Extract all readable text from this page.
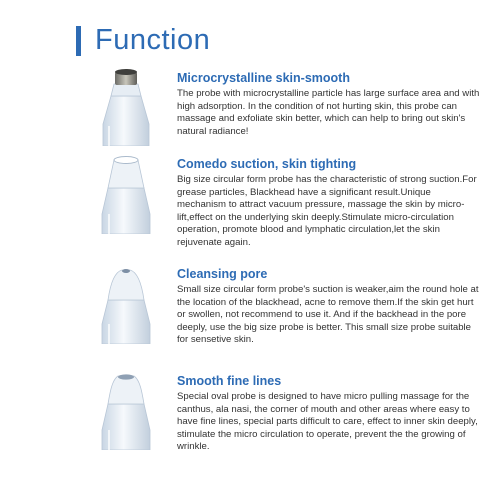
Function

Microcrystalline skin-smooth

The probe with microcrystalline particle has large surface area and with high adsorption. In the condition of not hurting skin, this probe can massage and exfoliate skin better, which can help to bring out skin's natural radiance!

Comedo suction, skin tighting

Big size circular form probe has the characteristic of strong suction.For grease particles, Blackhead have a significant result.Unique mechanism to attract vacuum pressure, massage the skin by micro-lift,effect on the underlying skin deeply.Stimulate micro-circulation operation, promote blood and lymphatic circulation,let the skin rejuvenate again.

Cleansing pore

Small size circular form probe's suction is weaker,aim the round hole at the location of the blackhead, acne to remove them.If the skin get hurt or swollen, not recommend to use it. And if the backhead in the pore deeply, use the big size probe is better. This small size probe suitable for sensetive skin.

Smooth fine lines

Special oval probe is designed to have micro pulling massage for the canthus, ala nasi, the corner of mouth and other areas where easy to have fine lines, special parts difficult to care, effect to inner skin deeply, stimulate the micro circulation to operate, prevent the the growing of wrinkle.
